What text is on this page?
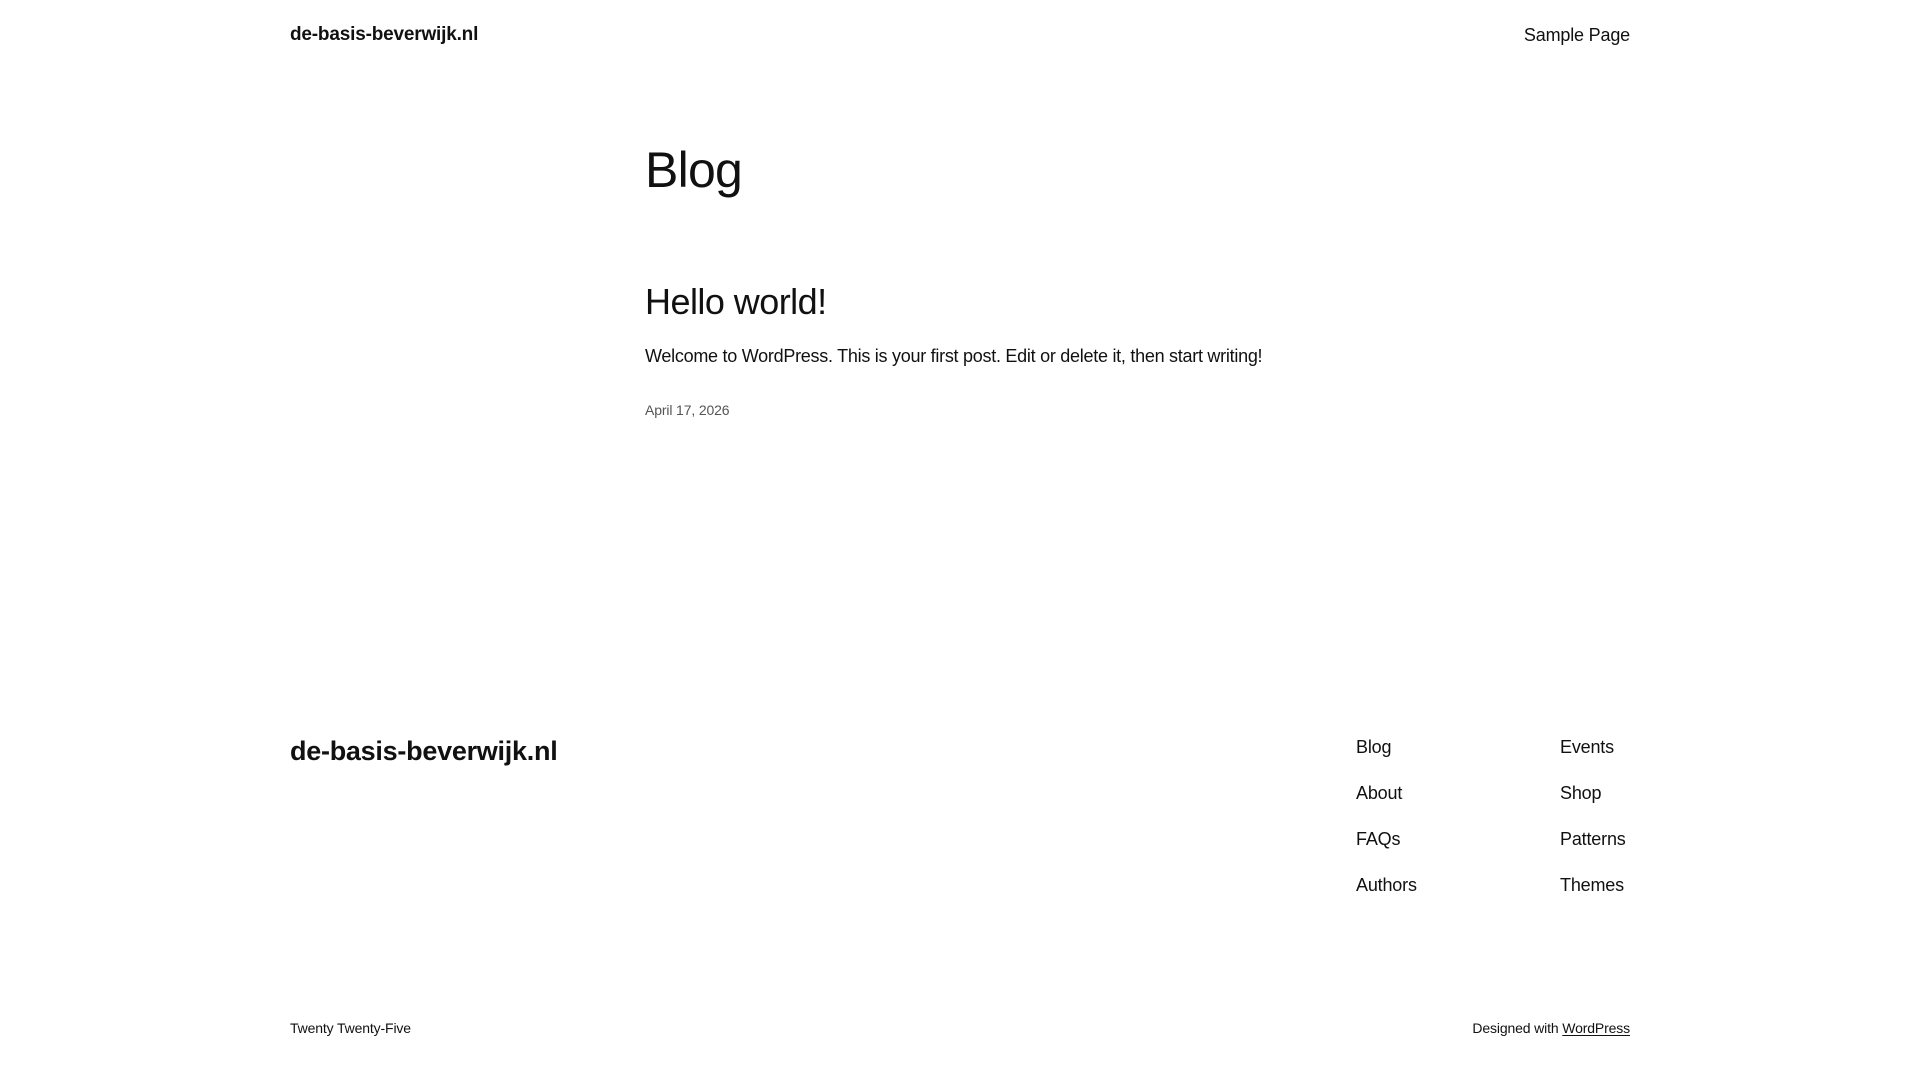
de-basis-beverwijk.nl	Sample Page
Blog
Hello world!

Welcome to WordPress. This is your first post. Edit or delete it, then start writing!

April 17, 2026
de-basis-beverwijk.nl	Blog
About
FAQs
Authors
Events
Shop
Patterns
Themes
Twenty Twenty-Five	Designed with WordPress
